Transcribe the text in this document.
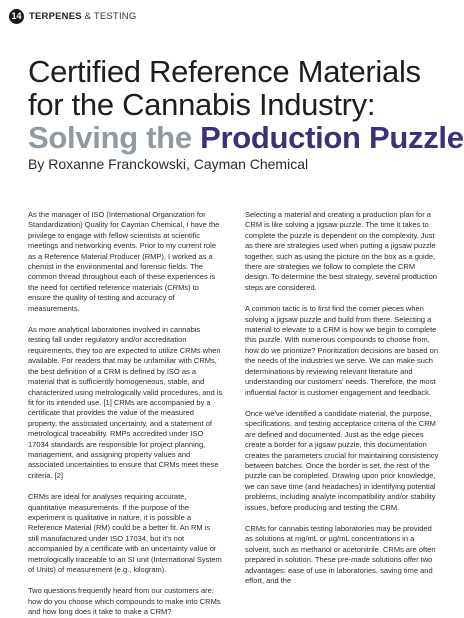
14 TERPENES & TESTING
Certified Reference Materials
for the Cannabis Industry:
Solving the Production Puzzle
By Roxanne Franckowski, Cayman Chemical

As the manager of ISO (International Organization for Standardization) Quality for Cayman Chemical, I have the privilege to engage with fellow scientists at scientific meetings and networking events. Prior to my current role as a Reference Material Producer (RMP), I worked as a chemist in the environmental and forensic fields. The common thread throughout each of these experiences is the need for certified reference materials (CRMs) to ensure the quality of testing and accuracy of measurements.

As more analytical laboratories involved in cannabis testing fall under regulatory and/or accreditation requirements, they too are expected to utilize CRMs when available. For readers that may be unfamiliar with CRMs, the best definition of a CRM is defined by ISO as a material that is sufficiently homogeneous, stable, and characterized using metrologically valid procedures, and is fit for its intended use. [1] CRMs are accompanied by a certificate that provides the value of the measured property, the associated uncertainty, and a statement of metrological traceability. RMPs accredited under ISO 17034 standards are responsible for project planning, management, and assigning property values and associated uncertainties to ensure that CRMs meet these criteria. [2]

CRMs are ideal for analyses requiring accurate, quantitative measurements. If the purpose of the experiment is qualitative in nature, it is possible a Reference Material (RM) could be a better fit. An RM is still manufactured under ISO 17034, but it's not accompanied by a certificate with an uncertainty value or metrologically traceable to an SI unit (International System of Units) of measurement (e.g., kilogram).

Two questions frequently heard from our customers are: how do you choose which compounds to make into CRMs and how long does it take to make a CRM?

Selecting a material and creating a production plan for a CRM is like solving a jigsaw puzzle. The time it takes to complete the puzzle is dependent on the complexity. Just as there are strategies used when putting a jigsaw puzzle together, such as using the picture on the box as a guide, there are strategies we follow to complete the CRM design. To determine the best strategy, several production steps are considered.

A common tactic is to first find the corner pieces when solving a jigsaw puzzle and build from there. Selecting a material to elevate to a CRM is how we begin to complete this puzzle. With numerous compounds to choose from, how do we prioritize? Prioritization decisions are based on the needs of the industries we serve. We can make such determinations by reviewing relevant literature and understanding our customers' needs. Therefore, the most influential factor is customer engagement and feedback.

Once we've identified a candidate material, the purpose, specifications, and testing acceptance criteria of the CRM are defined and documented. Just as the edge pieces create a border for a jigsaw puzzle, this documentation creates the parameters crucial for maintaining consistency between batches. Once the border is set, the rest of the puzzle can be completed. Drawing upon prior knowledge, we can save time (and headaches) in identifying potential problems, including analyte incompatibility and/or stability issues, before producing and testing the CRM.

CRMs for cannabis testing laboratories may be provided as solutions at mg/mL or µg/mL concentrations in a solvent, such as methanol or acetonitrile. CRMs are often prepared in solution. These pre-made solutions offer two advantages: ease of use in laboratories, saving time and effort, and the
